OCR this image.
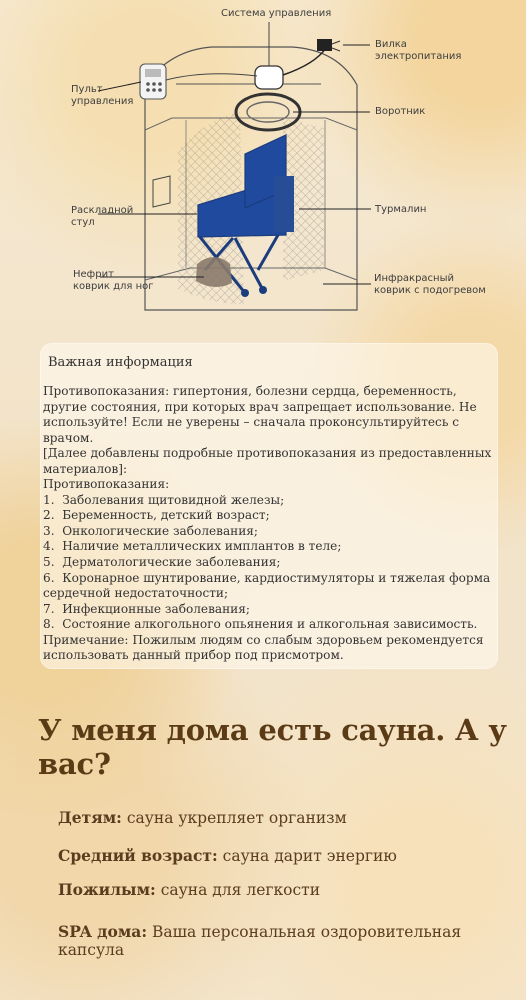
Система управления
Вилка
электропитания
Пульт
управления
Воротник
Раскладной
стул
Турмалин
Нефрит
коврик для ног
Инфракрасный
коврик с подогревом
Важная информация
Противопоказания: гипертония, болезни сердца, беременность, другие состояния, при которых врач запрещает использование. Не используйте! Если не уверены – сначала проконсультируйтесь с врачом.
[Далее добавлены подробные противопоказания из предоставленных материалов]:
Противопоказания:
1.  Заболевания щитовидной железы;
2.  Беременность, детский возраст;
3.  Онкологические заболевания;
4.  Наличие металлических имплантов в теле;
5.  Дерматологические заболевания;
6.  Коронарное шунтирование, кардиостимуляторы и тяжелая форма сердечной недостаточности;
7.  Инфекционные заболевания;
8.  Состояние алкогольного опьянения и алкогольная зависимость.
Примечание: Пожилым людям со слабым здоровьем рекомендуется использовать данный прибор под присмотром.
У меня дома есть сауна. А у вас?
Детям: сауна укрепляет организм
Средний возраст: сауна дарит энергию
Пожилым: сауна для легкости
SPA дома: Ваша персональная оздоровительная капсула
